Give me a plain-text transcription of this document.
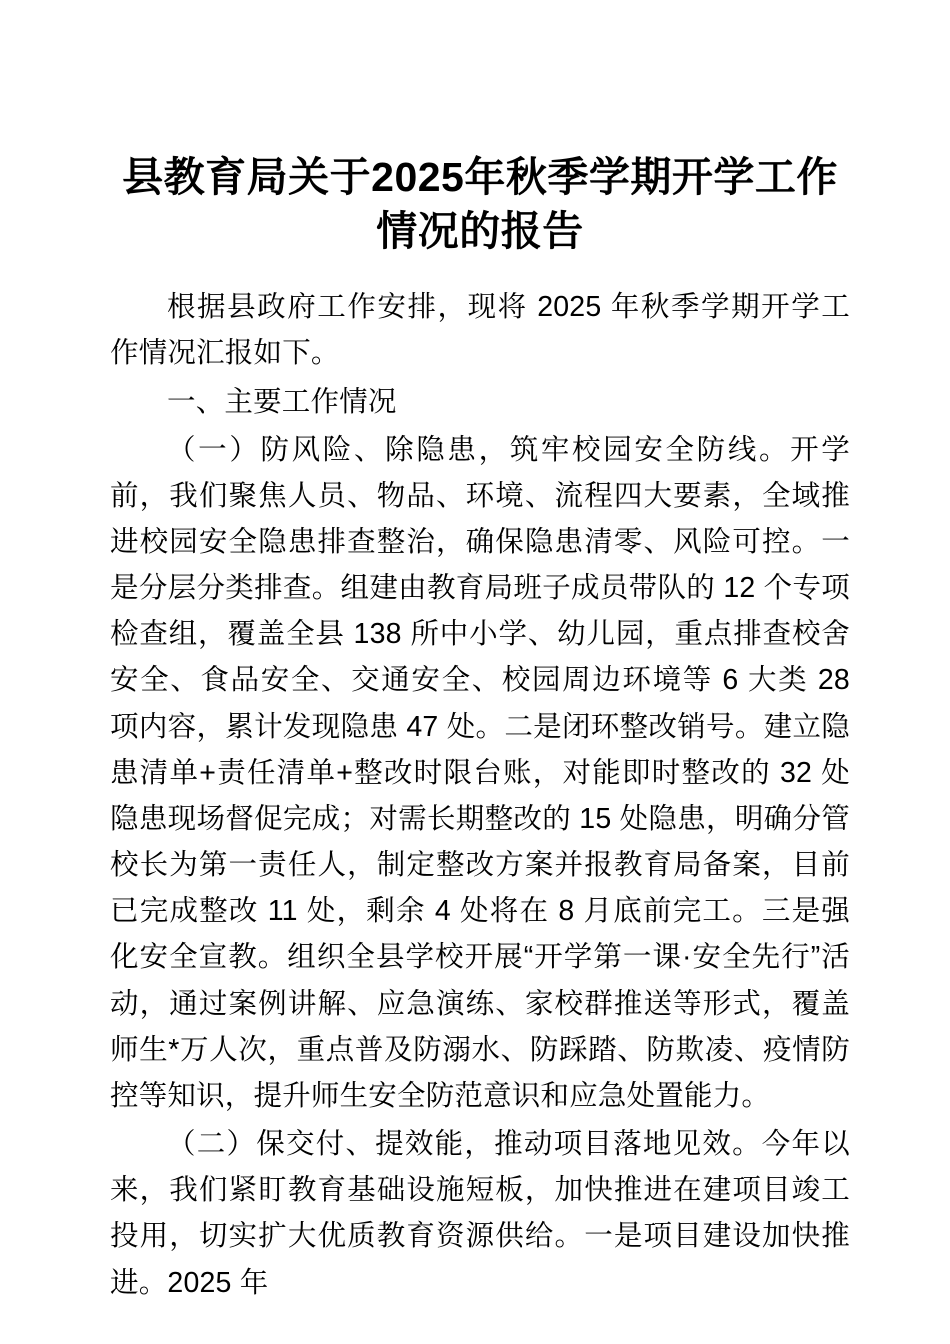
县教育局关于2025年秋季学期开学工作情况的报告

根据县政府工作安排，现将 2025 年秋季学期开学工作情况汇报如下。

一、主要工作情况

（一）防风险、除隐患，筑牢校园安全防线。开学前，我们聚焦人员、物品、环境、流程四大要素，全域推进校园安全隐患排查整治，确保隐患清零、风险可控。一是分层分类排查。组建由教育局班子成员带队的 12 个专项检查组，覆盖全县 138 所中小学、幼儿园，重点排查校舍安全、食品安全、交通安全、校园周边环境等 6 大类 28 项内容，累计发现隐患 47 处。二是闭环整改销号。建立隐患清单+责任清单+整改时限台账，对能即时整改的 32 处隐患现场督促完成；对需长期整改的 15 处隐患，明确分管校长为第一责任人，制定整改方案并报教育局备案，目前已完成整改 11 处，剩余 4 处将在 8 月底前完工。三是强化安全宣教。组织全县学校开展“开学第一课·安全先行”活动，通过案例讲解、应急演练、家校群推送等形式，覆盖师生*万人次，重点普及防溺水、防踩踏、防欺凌、疫情防控等知识，提升师生安全防范意识和应急处置能力。

（二）保交付、提效能，推动项目落地见效。今年以来，我们紧盯教育基础设施短板，加快推进在建项目竣工投用，切实扩大优质教育资源供给。一是项目建设加快推进。2025 年
